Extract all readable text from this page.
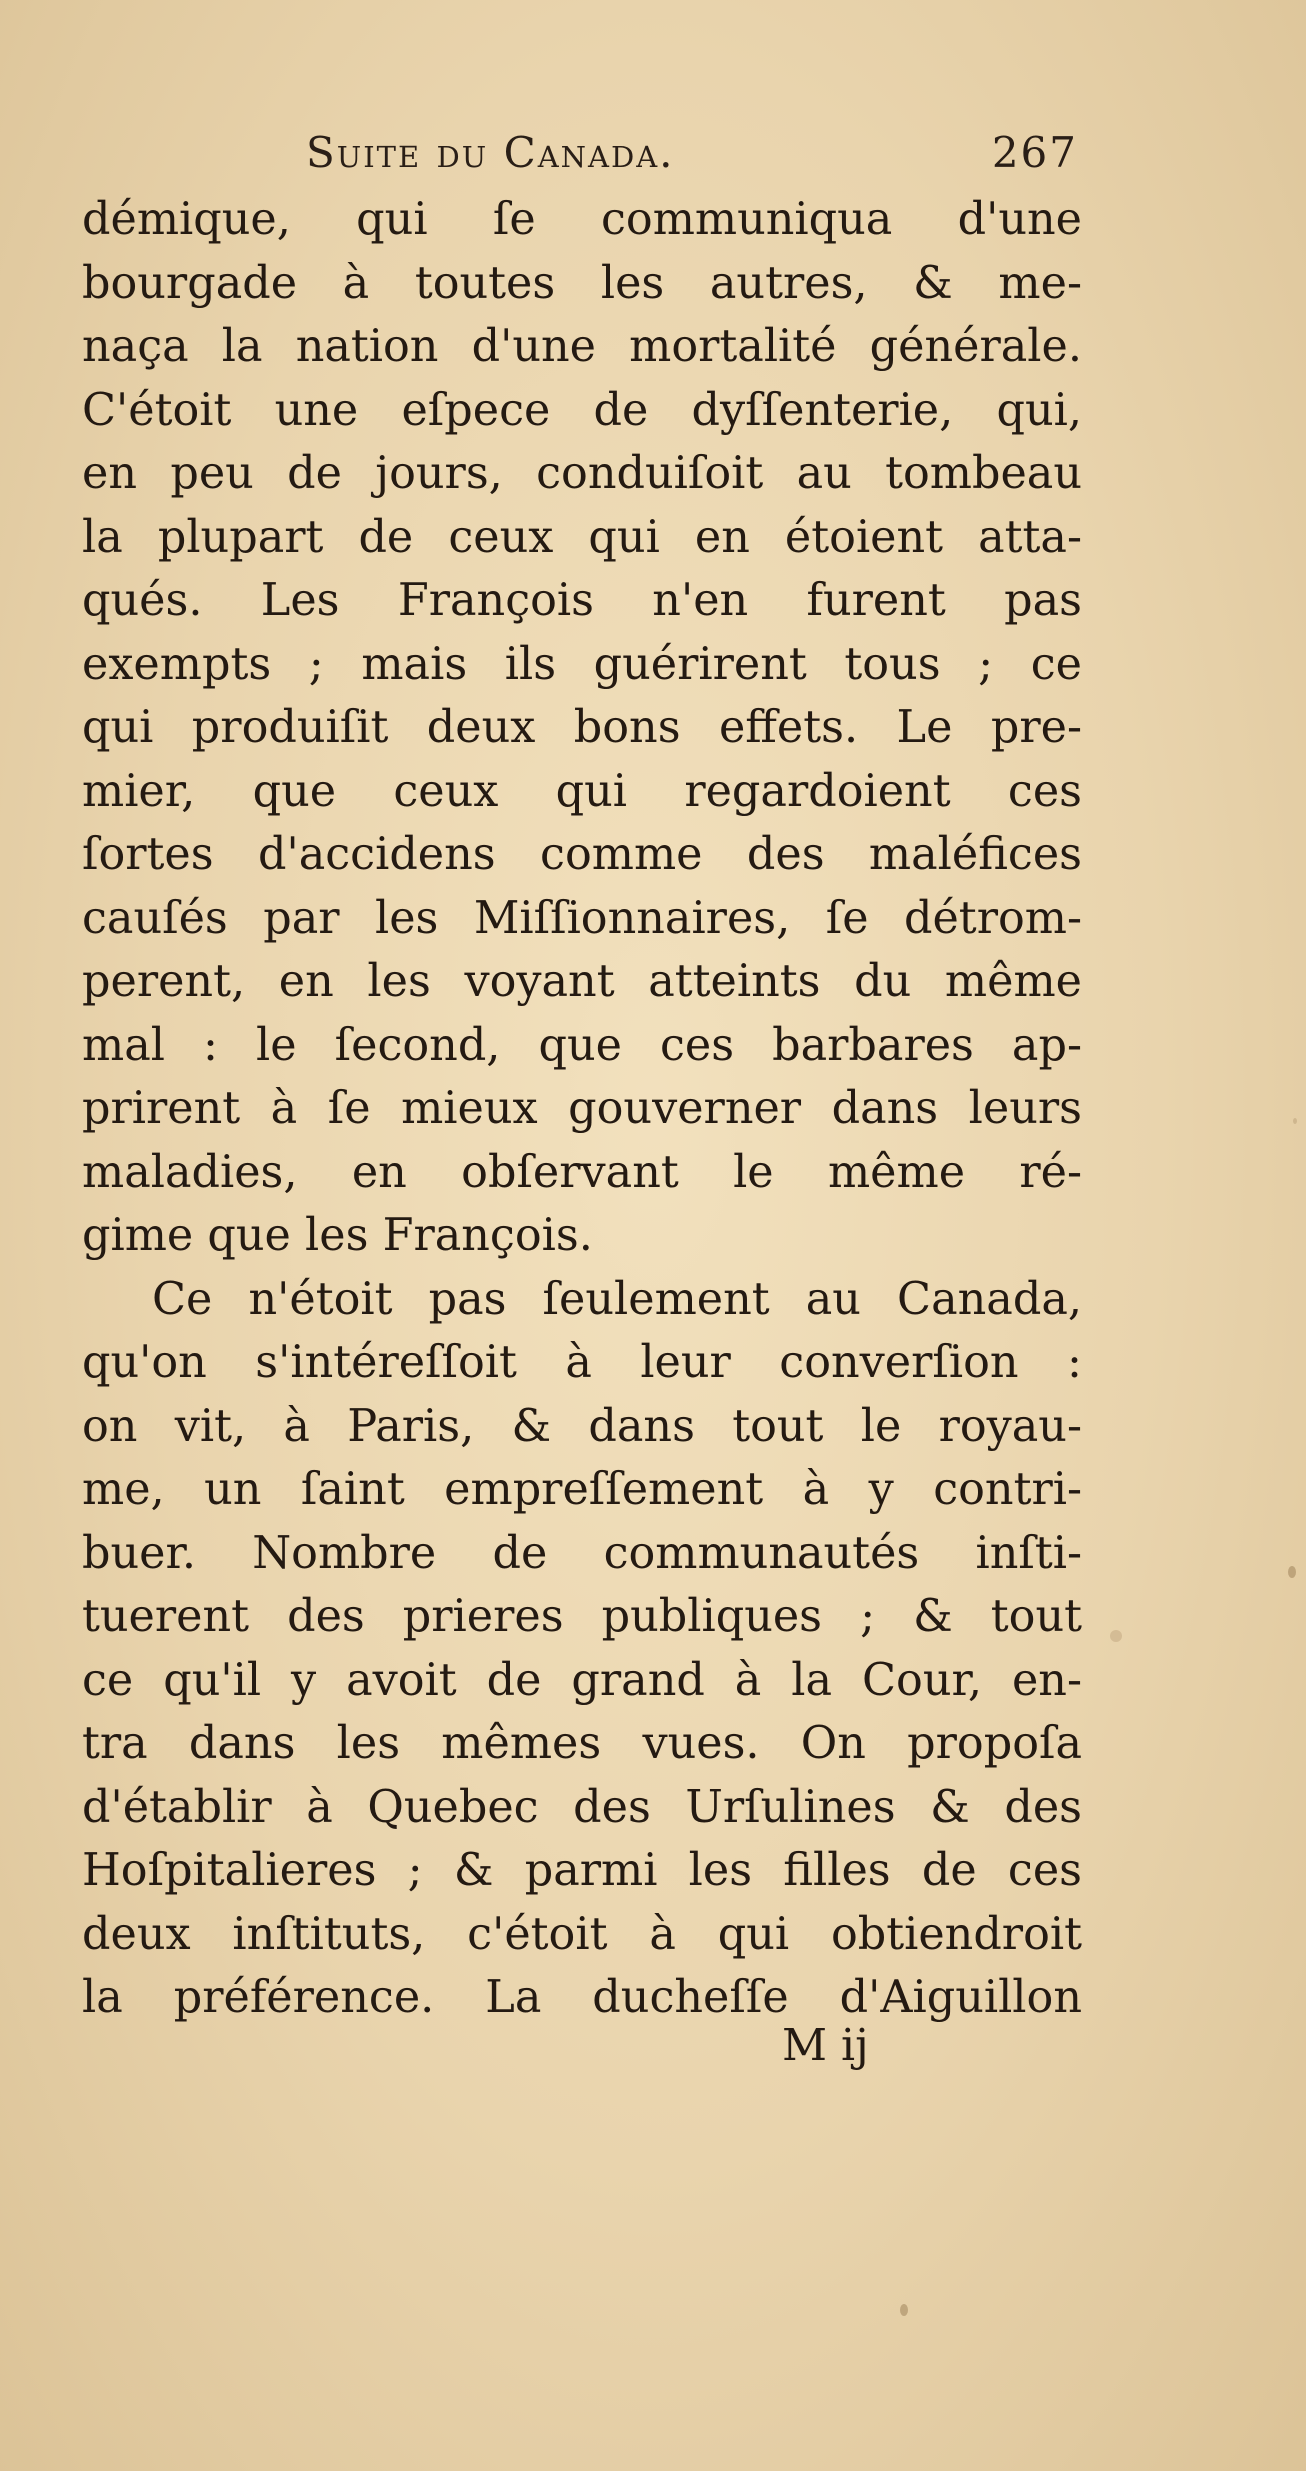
Suite du Canada.	267
démique, qui ſe communiqua d'une
bourgade à toutes les autres, & me-
naça la nation d'une mortalité générale.
C'étoit une eſpece de dyſſenterie, qui,
en peu de jours, conduiſoit au tombeau
la plupart de ceux qui en étoient atta-
qués. Les François n'en furent pas
exempts ; mais ils guérirent tous ; ce
qui produiſit deux bons effets. Le pre-
mier, que ceux qui regardoient ces
ſortes d'accidens comme des maléfices
cauſés par les Miſſionnaires, ſe détrom-
perent, en les voyant atteints du même
mal : le ſecond, que ces barbares ap-
prirent à ſe mieux gouverner dans leurs
maladies, en obſervant le même ré-
gime que les François.
Ce n'étoit pas ſeulement au Canada,
qu'on s'intéreſſoit à leur converſion :
on vit, à Paris, & dans tout le royau-
me, un ſaint empreſſement à y contri-
buer. Nombre de communautés inſti-
tuerent des prieres publiques ; & tout
ce qu'il y avoit de grand à la Cour, en-
tra dans les mêmes vues. On propoſa
d'établir à Quebec des Urſulines & des
Hoſpitalieres ; & parmi les filles de ces
deux inſtituts, c'étoit à qui obtiendroit
la préférence. La ducheſſe d'Aiguillon
M ij
